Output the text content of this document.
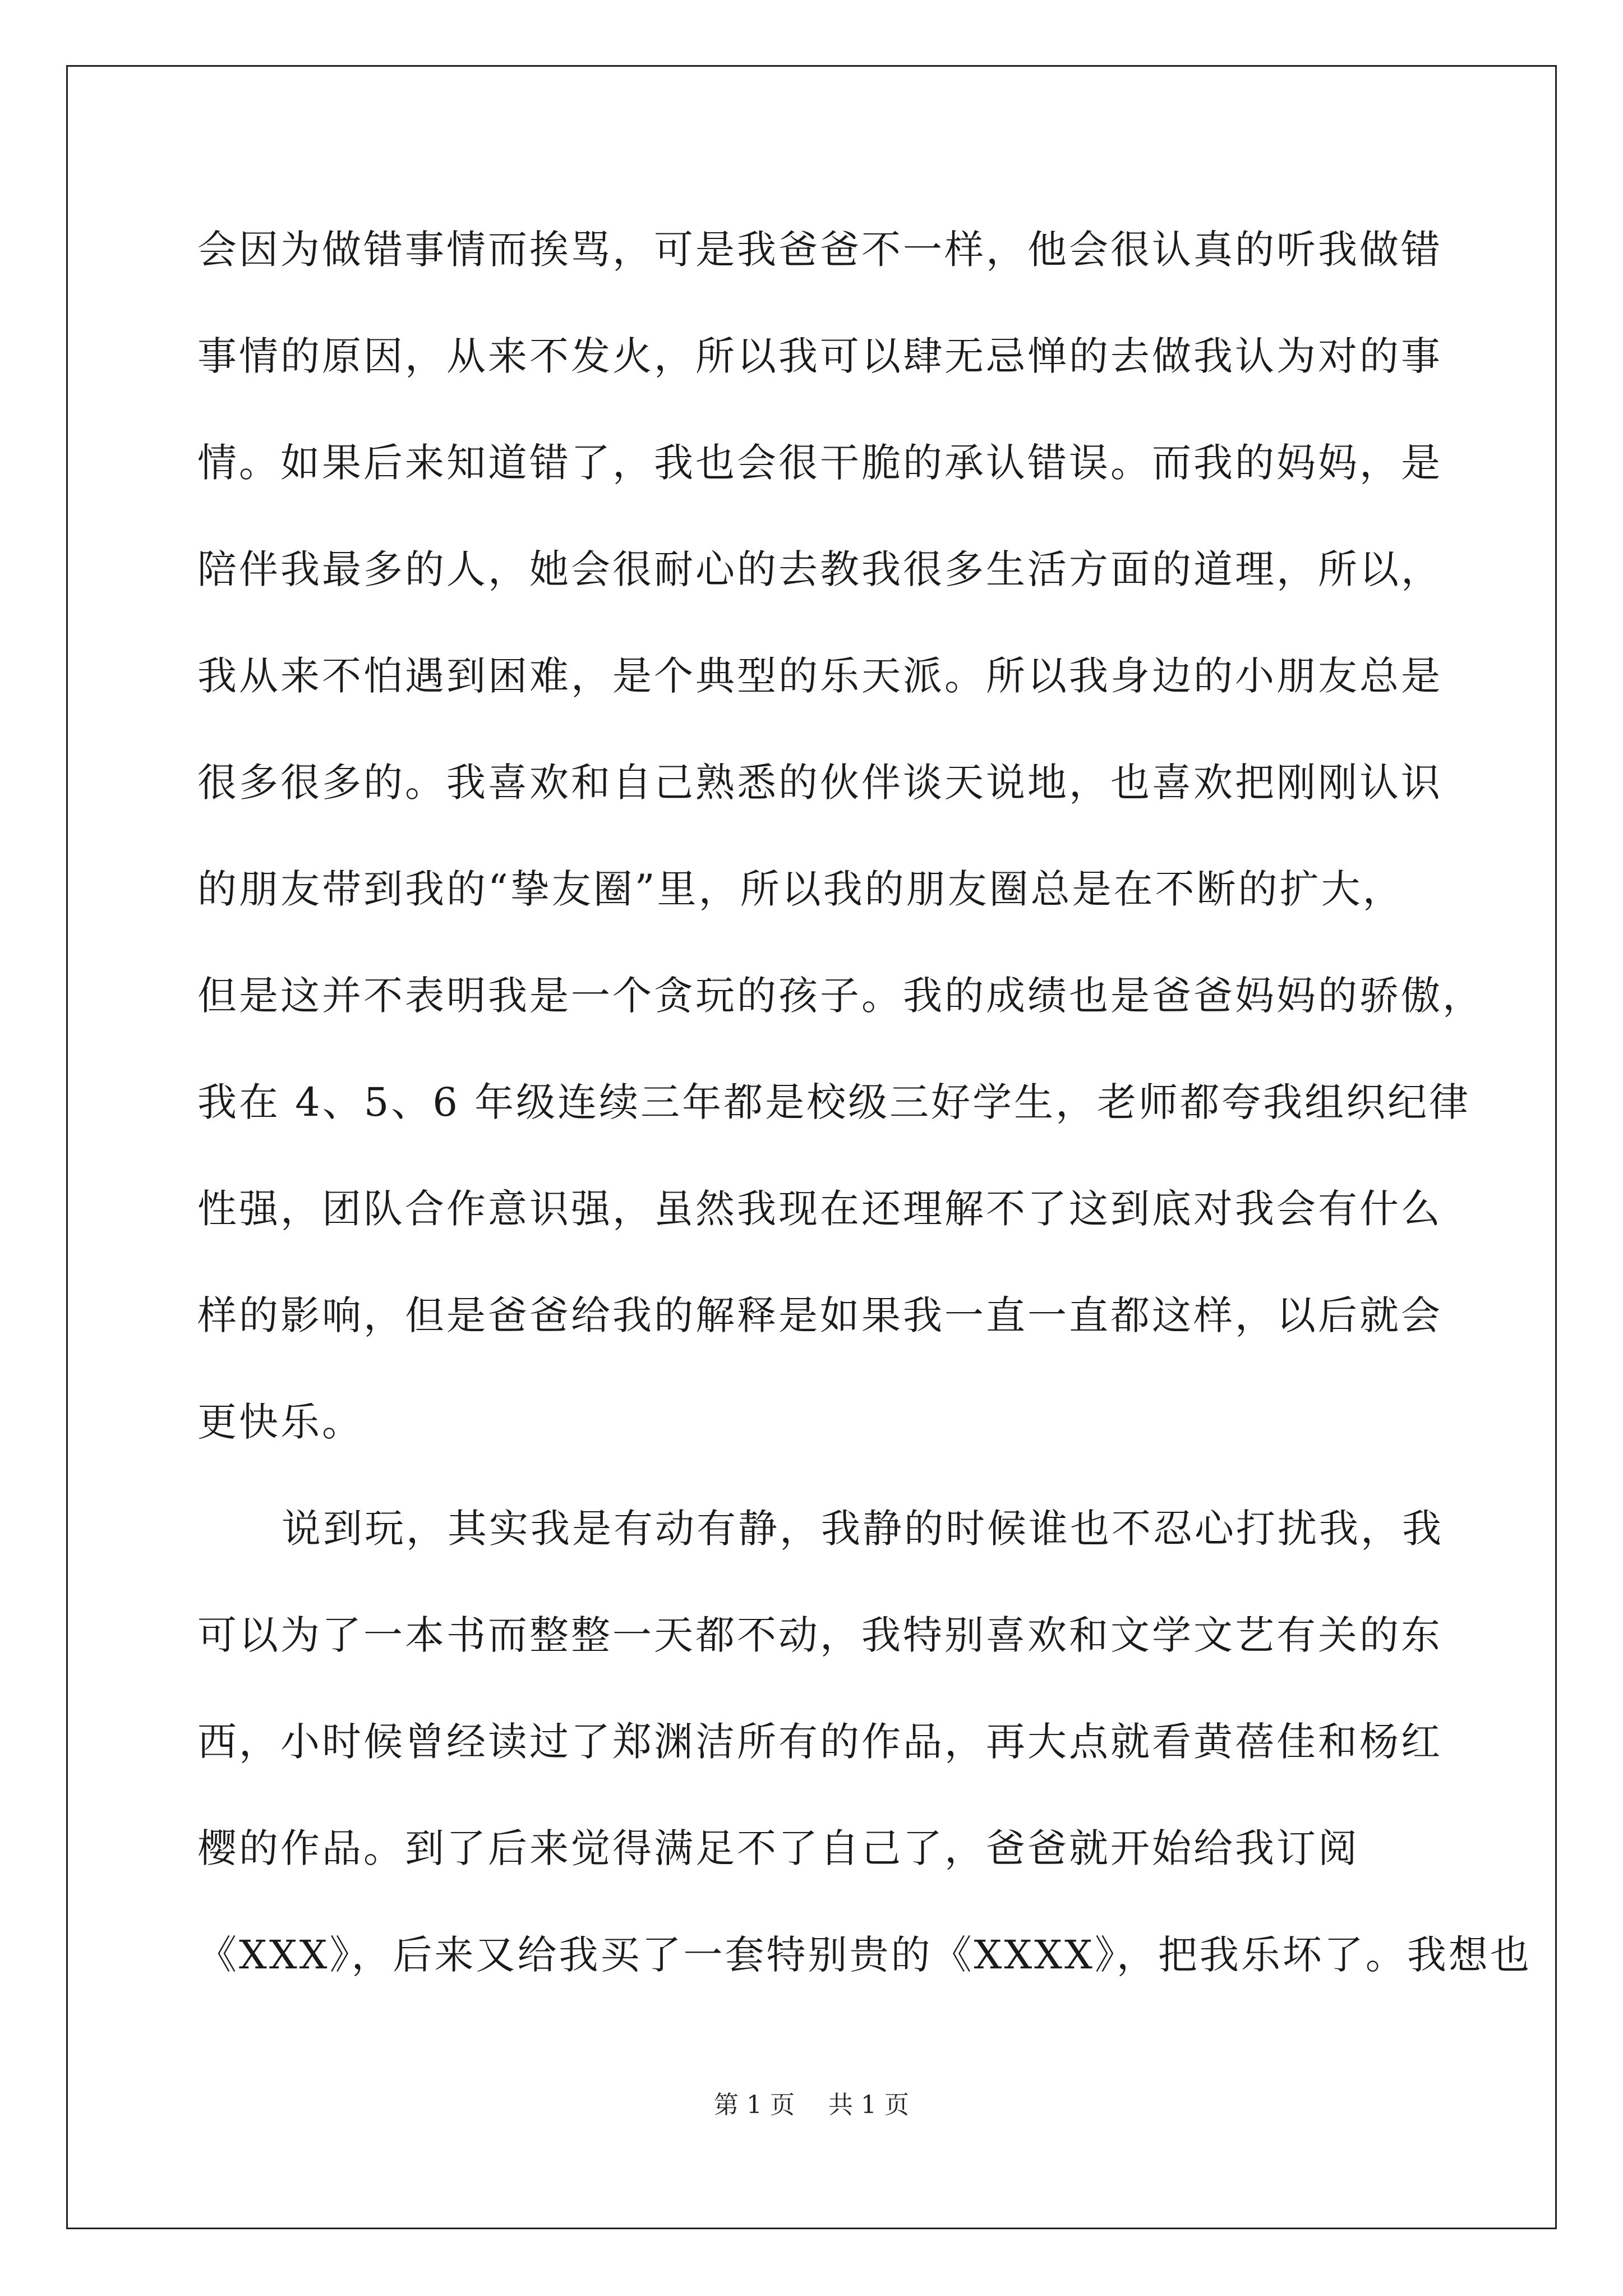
会因为做错事情而挨骂，可是我爸爸不一样，他会很认真的听我做错
事情的原因，从来不发火，所以我可以肆无忌惮的去做我认为对的事
情。如果后来知道错了，我也会很干脆的承认错误。而我的妈妈，是
陪伴我最多的人，她会很耐心的去教我很多生活方面的道理，所以，
我从来不怕遇到困难，是个典型的乐天派。所以我身边的小朋友总是
很多很多的。我喜欢和自己熟悉的伙伴谈天说地，也喜欢把刚刚认识
的朋友带到我的“挚友圈”里，所以我的朋友圈总是在不断的扩大，
但是这并不表明我是一个贪玩的孩子。我的成绩也是爸爸妈妈的骄傲，
我在 4、5、6 年级连续三年都是校级三好学生，老师都夸我组织纪律
性强，团队合作意识强，虽然我现在还理解不了这到底对我会有什么
样的影响，但是爸爸给我的解释是如果我一直一直都这样，以后就会
更快乐。
说到玩，其实我是有动有静，我静的时候谁也不忍心打扰我，我
可以为了一本书而整整一天都不动，我特别喜欢和文学文艺有关的东
西，小时候曾经读过了郑渊洁所有的作品，再大点就看黄蓓佳和杨红
樱的作品。到了后来觉得满足不了自己了，爸爸就开始给我订阅
《XXX》，后来又给我买了一套特别贵的《XXXX》，把我乐坏了。我想也
第 1 页 共 1 页
